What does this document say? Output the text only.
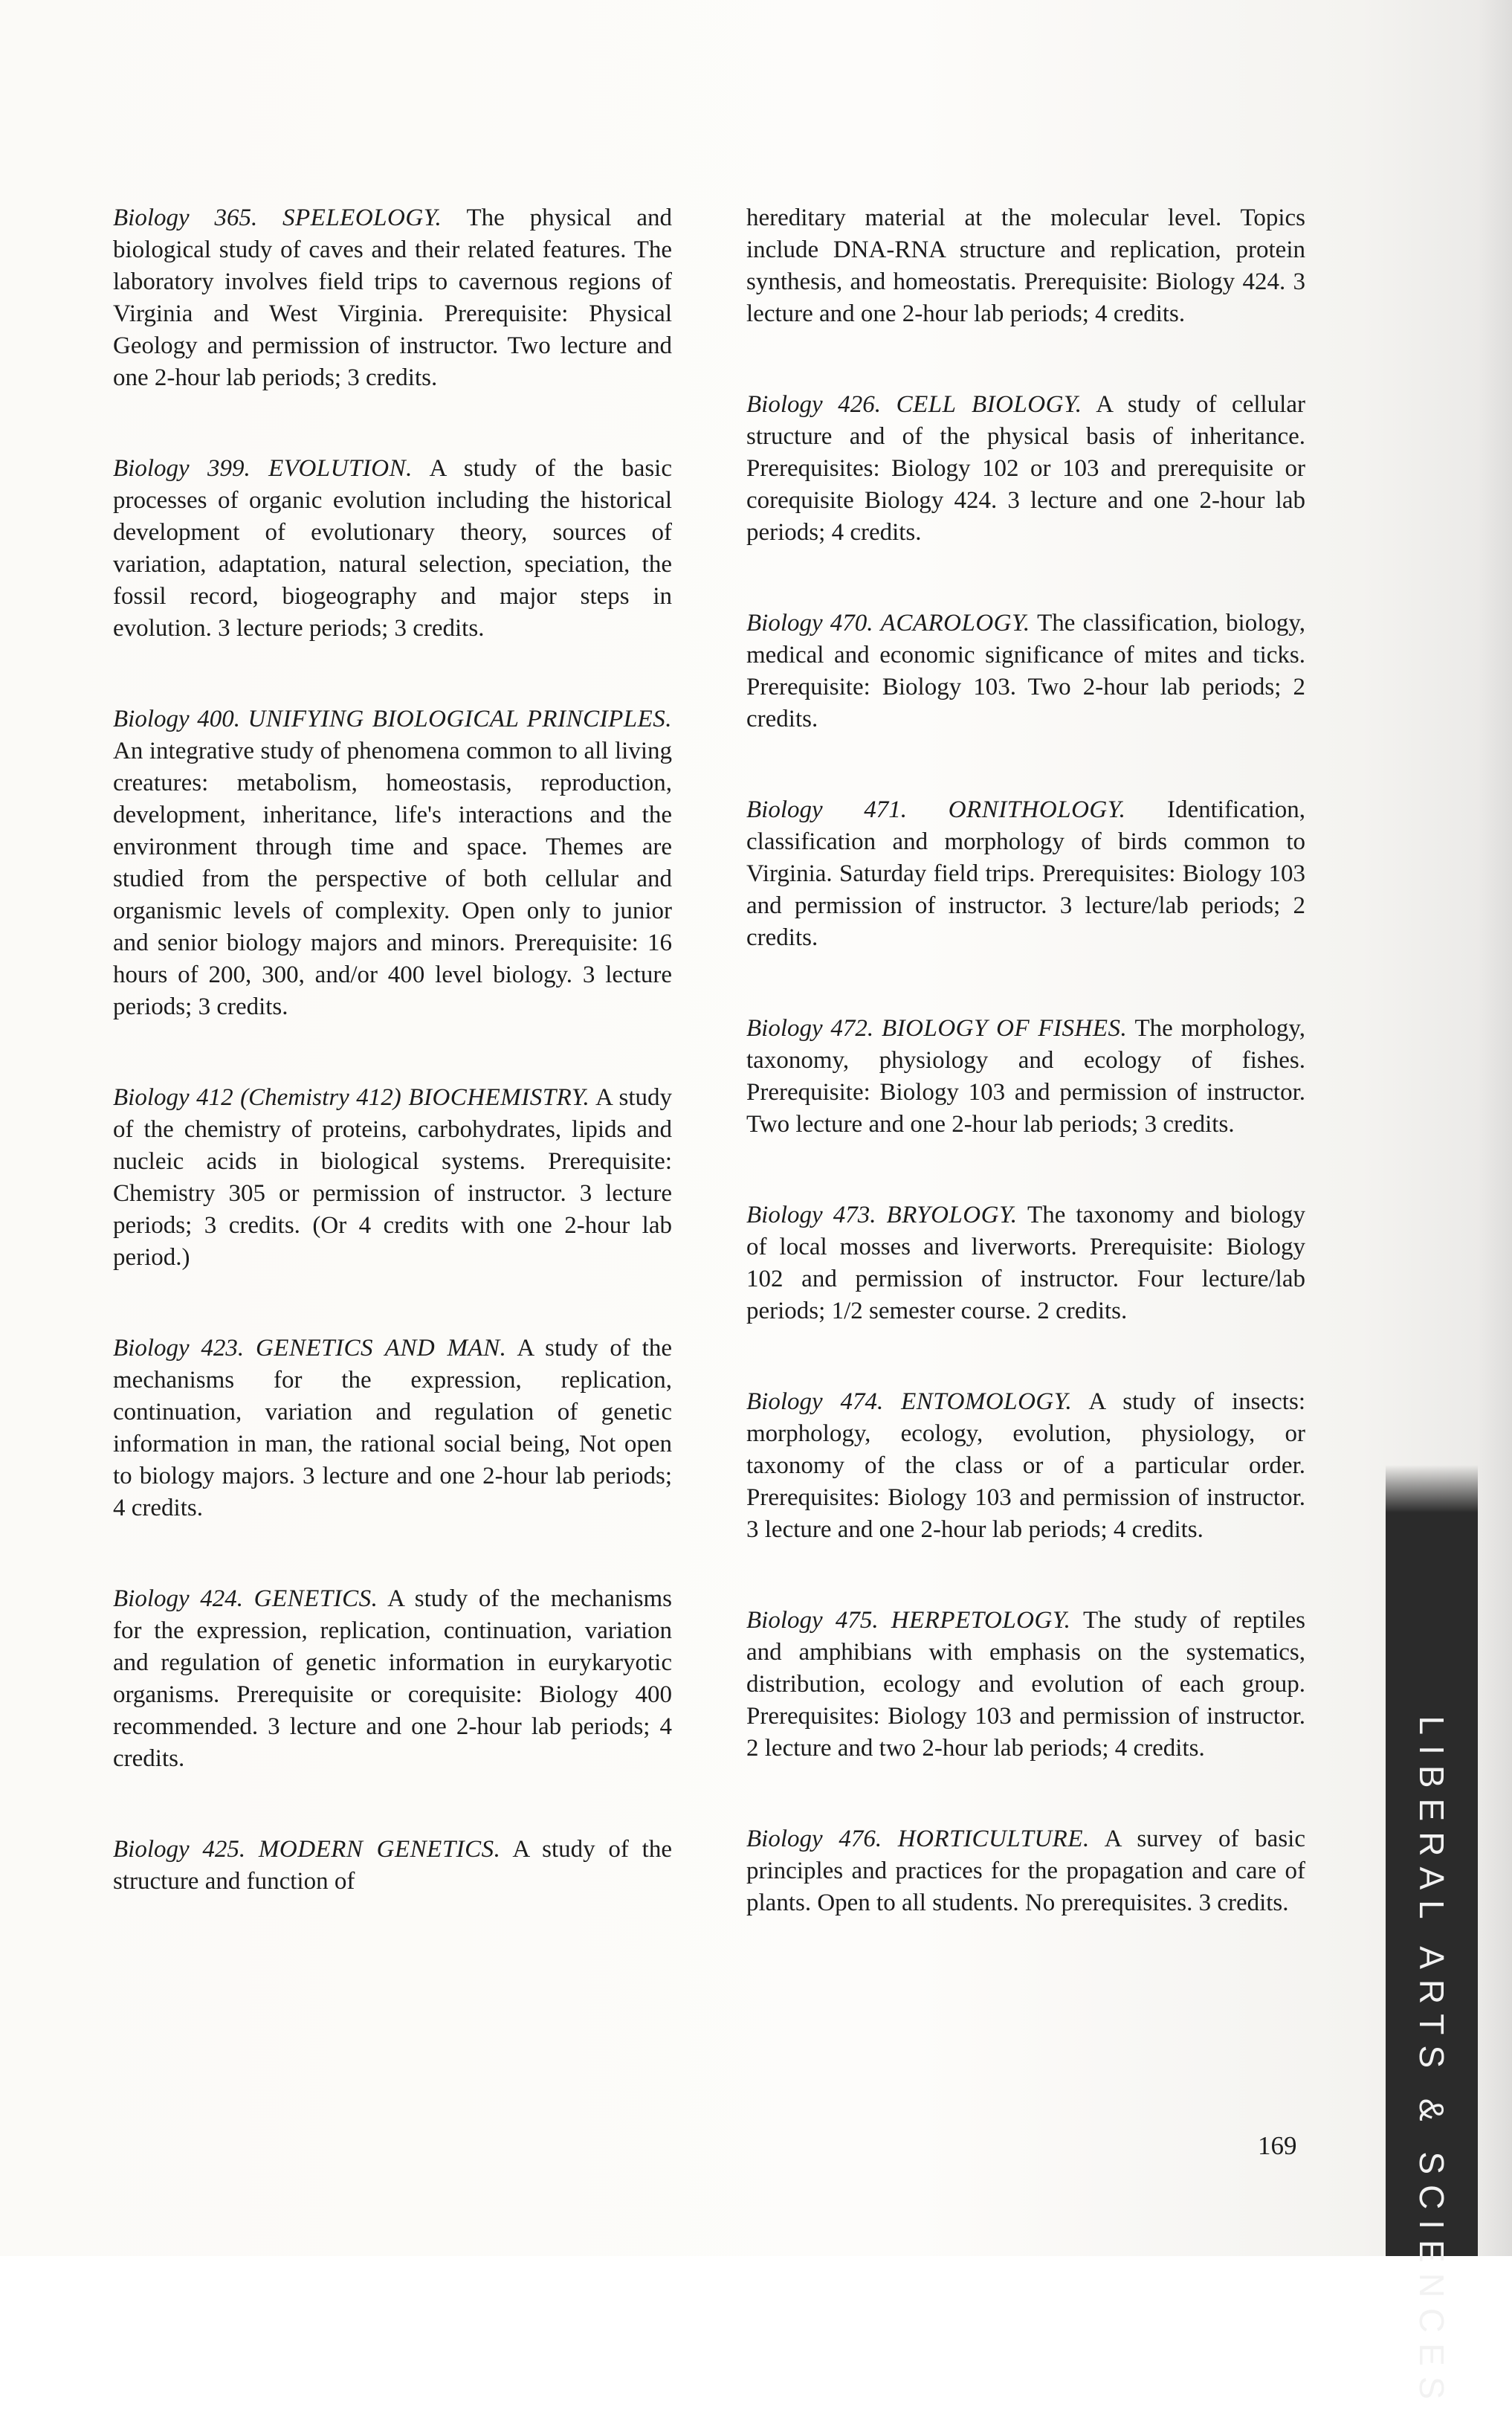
Biology 365. SPELEOLOGY. The physical and biological study of caves and their related features. The laboratory involves field trips to cavernous regions of Virginia and West Virginia. Prerequisite: Physical Geology and permission of instructor. Two lecture and one 2-hour lab periods; 3 credits.

Biology 399. EVOLUTION. A study of the basic processes of organic evolution including the historical development of evolutionary theory, sources of variation, adaptation, natural selection, speciation, the fossil record, biogeography and major steps in evolution. 3 lecture periods; 3 credits.

Biology 400. UNIFYING BIOLOGICAL PRINCIPLES. An integrative study of phenomena common to all living creatures: metabolism, homeostasis, reproduction, development, inheritance, life's interactions and the environment through time and space. Themes are studied from the perspective of both cellular and organismic levels of complexity. Open only to junior and senior biology majors and minors. Prerequisite: 16 hours of 200, 300, and/or 400 level biology. 3 lecture periods; 3 credits.

Biology 412 (Chemistry 412) BIOCHEMISTRY. A study of the chemistry of proteins, carbohydrates, lipids and nucleic acids in biological systems. Prerequisite: Chemistry 305 or permission of instructor. 3 lecture periods; 3 credits. (Or 4 credits with one 2-hour lab period.)

Biology 423. GENETICS AND MAN. A study of the mechanisms for the expression, replication, continuation, variation and regulation of genetic information in man, the rational social being, Not open to biology majors. 3 lecture and one 2-hour lab periods; 4 credits.

Biology 424. GENETICS. A study of the mechanisms for the expression, replication, continuation, variation and regulation of genetic information in eurykaryotic organisms. Prerequisite or corequisite: Biology 400 recommended. 3 lecture and one 2-hour lab periods; 4 credits.

Biology 425. MODERN GENETICS. A study of the structure and function of

hereditary material at the molecular level. Topics include DNA-RNA structure and replication, protein synthesis, and homeostatis. Prerequisite: Biology 424. 3 lecture and one 2-hour lab periods; 4 credits.

Biology 426. CELL BIOLOGY. A study of cellular structure and of the physical basis of inheritance. Prerequisites: Biology 102 or 103 and prerequisite or corequisite Biology 424. 3 lecture and one 2-hour lab periods; 4 credits.

Biology 470. ACAROLOGY. The classification, biology, medical and economic significance of mites and ticks. Prerequisite: Biology 103. Two 2-hour lab periods; 2 credits.

Biology 471. ORNITHOLOGY. Identification, classification and morphology of birds common to Virginia. Saturday field trips. Prerequisites: Biology 103 and permission of instructor. 3 lecture/lab periods; 2 credits.

Biology 472. BIOLOGY OF FISHES. The morphology, taxonomy, physiology and ecology of fishes. Prerequisite: Biology 103 and permission of instructor. Two lecture and one 2-hour lab periods; 3 credits.

Biology 473. BRYOLOGY. The taxonomy and biology of local mosses and liverworts. Prerequisite: Biology 102 and permission of instructor. Four lecture/lab periods; 1/2 semester course. 2 credits.

Biology 474. ENTOMOLOGY. A study of insects: morphology, ecology, evolution, physiology, or taxonomy of the class or of a particular order. Prerequisites: Biology 103 and permission of instructor. 3 lecture and one 2-hour lab periods; 4 credits.

Biology 475. HERPETOLOGY. The study of reptiles and amphibians with emphasis on the systematics, distribution, ecology and evolution of each group. Prerequisites: Biology 103 and permission of instructor. 2 lecture and two 2-hour lab periods; 4 credits.

Biology 476. HORTICULTURE. A survey of basic principles and practices for the propagation and care of plants. Open to all students. No prerequisites. 3 credits.

169	LIBERAL ARTS & SCIENCES
